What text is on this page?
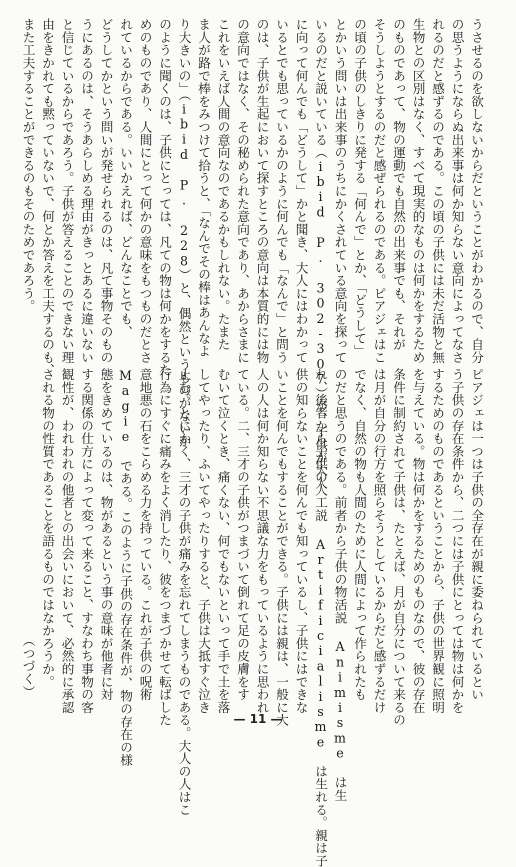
うさせるのを欲しないからだということがわかるので、自分
の思うようにならぬ出来事は何か知らない意向によってなさ
れるのだと感ずるのである。この頃の子供には未だ活物と無
生物との区別はなく、すべて現実的なものは何かをするため
のものであって、物の運動でも自然の出来事でも、それが
そうしようとするのだと感ぜられるのである。ピアジェはこ
の頃の子供のしきりに発する「何んで」とか、「どうして」
とかいう問いは出来事のうちにかくされている意向を探って
いるのだと説いている（ibid P. 302-307）が、子供が大人
に向って何んでも「どうして」かと聞き、大人にはわかって
いるとでも思っているかのように何んでも「なんで」と問う
のは、子供が生起において探すところの意向は本質的には物
の意向ではなく、その秘められた意向であり、あからさまに
これをいえば人間の意向なのであるかもしれない。たまた
ま人が路で棒をみつけて拾うと、「なんでその棒はあんなよ
り大きいの」（ibid P. 228）と、偶然というものがないか
のように聞くのは、子供にとっては、凡ての物は何かをするた
めのものであり、人間にとって何かの意味をもつものだとさ
れているからである。いいかえれば、どんなことでも、
どうしてかという問いが発せられるのは、凡て事物そのもの
うにあるのは、そうあらしめる理由がきっとあるに違いない
と信じているからであろう。子供が答えることのできない理
由をきかれても黙っていないで、何とか答えを工夫するのも、
また工夫することができるのもそのためであろう。
ピアジェは一つは子供の全存在が親に委ねられているとい
う子供の存在条件から、二つには子供にとっては物は何かを
するためのものであるということから、子供の世界観に照明
を与えている。物は何かをするためのものなので、彼の存在
条件に制約されて子供は、たとえば、月が自分について来るの
は月が自分の行方を照らそうとしているからだと感ずるだけ
でなく、自然の物も人間のために人間によって作られたも
のだと思うのである。前者から子供の物活説 Animisme は生
れ、後者から子供の人工説 Artificialisme は生れる。親は子
供の知らないことを何んでも知っているし、子供にはできな
いことを何んでもすることができる。子供には親は、一般に大
人の人は何か知らない不思議な力をもっているように思われ
ている。二、三才の子供がつまづいて倒れて足の皮膚をす
むいて泣くとき、痛くない、何でもないといって手で土を落
してやったり、ふいてやったりすると、子供は大抵すぐ泣き
止む。とにかく、三才の子供が痛みを忘れてしまうものである。大人の人はこ
行為にすぐに痛みをよく消したり、彼をつまづかせて転ばした
意地悪の石をこらめる力を持っている。これが子供の呪術
Magie である。このように子供の存在条件が、物の存在の様
態をきめているのは、物があるという事の意味が他者に対
する関係の仕方によって変って来ること、すなわち事物の客
観性が、われわれの他者との出会いにおいて、必然的に承認
される物の性質であることを語るものではなかろうか。
（つづく）
— 11 —
